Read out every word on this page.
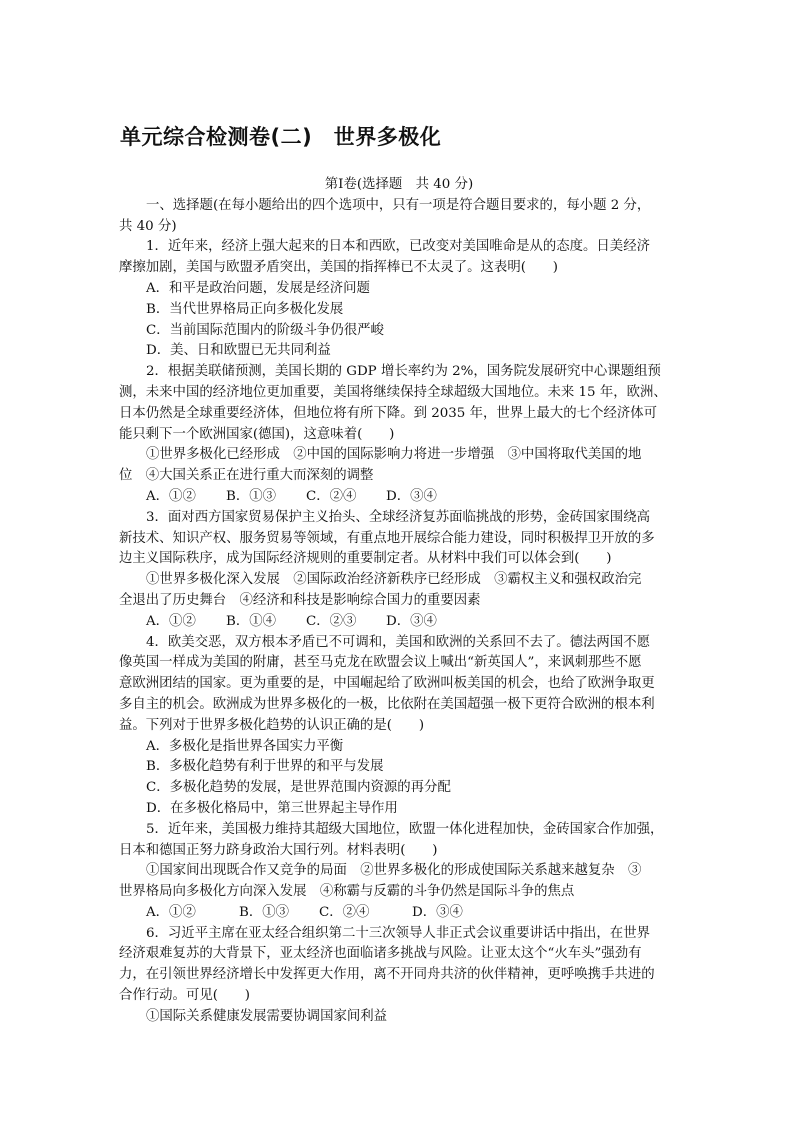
单元综合检测卷(二)　世界多极化
第Ⅰ卷(选择题　共 40 分)
一、选择题(在每小题给出的四个选项中，只有一项是符合题目要求的，每小题 2 分，
共 40 分)
1．近年来，经济上强大起来的日本和西欧，已改变对美国唯命是从的态度。日美经济
摩擦加剧，美国与欧盟矛盾突出，美国的指挥棒已不太灵了。这表明(　　)
A．和平是政治问题，发展是经济问题
B．当代世界格局正向多极化发展
C．当前国际范围内的阶级斗争仍很严峻
D．美、日和欧盟已无共同利益
2．根据美联储预测，美国长期的 GDP 增长率约为 2%，国务院发展研究中心课题组预
测，未来中国的经济地位更加重要，美国将继续保持全球超级大国地位。未来 15 年，欧洲、
日本仍然是全球重要经济体，但地位将有所下降。到 2035 年，世界上最大的七个经济体可
能只剩下一个欧洲国家(德国)，这意味着(　　)
①世界多极化已经形成　②中国的国际影响力将进一步增强　③中国将取代美国的地
位　④大国关系正在进行重大而深刻的调整
A．①②	B．①③	C．②④	D．③④
3．面对西方国家贸易保护主义抬头、全球经济复苏面临挑战的形势，金砖国家围绕高
新技术、知识产权、服务贸易等领域，有重点地开展综合能力建设，同时积极捍卫开放的多
边主义国际秩序，成为国际经济规则的重要制定者。从材料中我们可以体会到(　　)
①世界多极化深入发展　②国际政治经济新秩序已经形成　③霸权主义和强权政治完
全退出了历史舞台　④经济和科技是影响综合国力的重要因素
A．①②	B．①④	C．②③	D．③④
4．欧美交恶，双方根本矛盾已不可调和，美国和欧洲的关系回不去了。德法两国不愿
像英国一样成为美国的附庸，甚至马克龙在欧盟会议上喊出“新英国人”，来讽刺那些不愿
意欧洲团结的国家。更为重要的是，中国崛起给了欧洲叫板美国的机会，也给了欧洲争取更
多自主的机会。欧洲成为世界多极化的一极，比依附在美国超强一极下更符合欧洲的根本利
益。下列对于世界多极化趋势的认识正确的是(　　)
A．多极化是指世界各国实力平衡
B．多极化趋势有利于世界的和平与发展
C．多极化趋势的发展，是世界范围内资源的再分配
D．在多极化格局中，第三世界起主导作用
5．近年来，美国极力维持其超级大国地位，欧盟一体化进程加快，金砖国家合作加强，
日本和德国正努力跻身政治大国行列。材料表明(　　)
①国家间出现既合作又竞争的局面　②世界多极化的形成使国际关系越来越复杂　③
世界格局向多极化方向深入发展　④称霸与反霸的斗争仍然是国际斗争的焦点
A．①②	B．①③	C．②④	D．③④
6．习近平主席在亚太经合组织第二十三次领导人非正式会议重要讲话中指出，在世界
经济艰难复苏的大背景下，亚太经济也面临诸多挑战与风险。让亚太这个“火车头”强劲有
力，在引领世界经济增长中发挥更大作用，离不开同舟共济的伙伴精神，更呼唤携手共进的
合作行动。可见(　　)
①国际关系健康发展需要协调国家间利益
